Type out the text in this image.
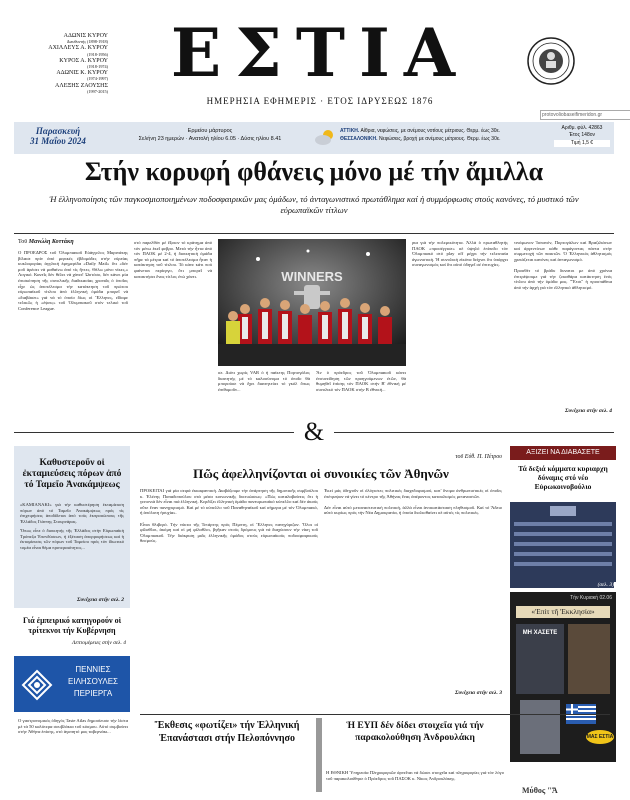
ΑΔΩΝΙΣ ΚΥΡΟΥ
Διευθυντής (1898-1918)
ΑΧΙΛΛΕΥΣ Α. ΚΥΡΟΥ
(1918-1956)
ΚΥΡΟΣ Α. ΚΥΡΟΥ
(1918-1974)
ΑΔΩΝΙΣ Κ. ΚΥΡΟΥ
(1974-1997)
ΑΛΕΞΗΣ ΖΑΟΥΣΗΣ
(1997-2015) ΕΣΤΙΑ
ΗΜΕΡΗΣΙΑ ΕΦΗΜΕΡΙΣ · ΕΤΟΣ ΙΔΡΥΣΕΩΣ 1876
protovoliobaseifimeridon.gr
Παρασκευή
31 Μαΐου 2024
Ερμείου μάρτυρος
Σελήνη 23 ημερών · Ανατολή ηλίου 6.05 · Δύσις ηλίου 8.41
ΑΤΤΙΚΗ. Αίθρια, νεφώσεις, με ανέμους νοτίους μέτριους. Θερμ. έως 30ε.
ΘΕΣΣΑΛΟΝΙΚΗ. Νεφώσεις, βροχή με ανέμους μέτριους. Θερμ. έως 30ε.
Αριθμ. φύλ. 42863
Έτος 148ον
Τιμή 1,5 €
Στήν κορυφή φθάνεις μόνο μέ τήν ἅμιλλα
Ἡ ἑλληνοποίησις τῶν παγκοσμιοποιημένων ποδοσφαιρικῶν μας ὁμάδων, τό ἀνταγωνιστικό πρωτάθλημα καί ἡ συμμόρφωσις στούς κανόνες, τό μυστικό τῶν εὐρωπαϊκῶν τίτλων
Τοῦ Μανώλη Κοττάκη
Ο ΠΡΟΕΔΡΟΣ τοῦ Ὀλυμπιακοῦ Εὐάγγελος Μαρινάκης βίλασε πρίν ἀπό μερικές ἑβδομάδες στήν εὐρείας κυκλοφορίας ἀγγλική ἐφημερίδα «Daily Mail» ὅτι «δέν μοῦ ἀρέσει νά μαθαίνω ἀπό τίς ἥττες. Θέλω μόνο νίκες,» Λογικό. Κανεῖς δέν θέλει νά χάνει! Ὡστόσο, δέν κάνει μία ἐπισκόπηση τῆς συνολικῆς διαδικασίας χρονιᾶς ὁ ὁποῖος εἶχε ὡς ἀποτέλεσμα τήν κατάκτηση τοῦ πρώτου εὐρωπαϊκοῦ τίτλου ἀπό ἑλληνική ὁμάδα μπορεῖ νά «διαβάσει» γιά νά τό ὁποίο δίως οἱ Ἕλληνες, εἴδαμε τελικῶς ἡ «ἐψεις» τοῦ Ὀλυμπιακοῦ στόν τελικό τοῦ Conference League.
στό παρελθόν μέ ἕξοιον τό κράτημα ἀπό τόν μένω ἐκεῖ φεβρο. Μετά τήν ἧττα ἀπό τόν ΠΑΟΚ μέ 2-4, ἡ διοικητική ὁμάδα πῆρε τά μέτρα καί τό ἀποτέλεσμα ἦταν ἡ κατάκτηση τοῦ τίτλου. Τό κάνε κάτι πού φαίνεται περίεργο, ὅτι μπορεῖ νά κατακτήσει ἕνας τίτλος ἐνώ χάνει.	WINNERS
σε. Διότι χωρίς VAR ὁ ἡ παίκτης Πορτογάλος διαιτητής μέ τό καλοσύνομα τό ὁποῖο θά μπορούσε νά ἔχει διαιτητεύει τό γκόλ ὅπως ἐπιθυμοῦν...
Ἄν ὁ πρόεδρος τοῦ Ὀλυμπιακοῦ κάνει ἐνσυνείδηση τῶν προηγούμενων ἐτῶν, θά θυμηθεῖ ἐπίσης τόν ΠΑΟΚ στήν Β' ἐθνική μέ συνολικό τόν ΠΑΟΚ στήν Β ἐθνική...
ρια γιά τήν πολεμικότητα. Ἀλλά ὁ πρωταθλητής ΠΑΟΚ «προσέγγισε» σέ ὑψηλό ἐπίπεδο τόν Ὀλυμπιακό στό play off μέχρι τήν τελευταία ἀγωνιστική. Ἡ συνολική εἰκόνα δείχνει ὅτι ὑπάρχει συναγωνισμός καί ὅτι αὐτό ὁδηγεῖ σέ ἐπιτυχίες.
τινόφωνον Ἰσπανόν, Πορτογάλων καί Βραζιλιάνων καί ἀργεντίνων κάθε παράγοντας πάντα στήν συμμετοχή τῶν παικτῶν. Ὁ Ἑλληνικός ἀθλητισμός χρειάζεται κανόνες καί ἀνταγωνισμό.

Προσθέτ τό βράδυ δυνατοι με ἀπό χρόνια ἐπιτρέψουμε γιά τήν ζεκαθάρα κατάκτηση ἑνός τίτλου ἀπό τήν ὁμάδα μας. "Ἕτσι" ἡ προσπάθεια ἀπό τήν ἀρχή γιά τόν ἑλληνικό ἀθλητισμό.
Συνέχεια στήν σελ. 4
&
Καθυστεροῦν οἱ ἐκταμιεύσεις πόρων ἀπό τό Ταμεῖο Ἀνακάμψεως
«ΚΑΜΙΑΝΑΚΙ» γιά τήν καθυστέρηση ἐκταμίευση πόρων ἀπό τό Ταμεῖο Ἀνακάμψεως πρός τίς ἐπιχειρήσεις ἀποδίδεται ἀπό τούς ἐκπροσώπους τῆς Ἑλλάδος Γιάννης Στουρνάρας.
Ὅπως εἶπε ὁ διοικητής τῆς Ἑλλάδος στήν Εὐρωπαϊκή Τράπεζα Ἐπενδύσεων, ἡ ἐξέταση ἀπορροφήσεως καί ἡ ἐκταμίευσις τῶν πόρων τοῦ Ταμείου πρός τόν ἰδιωτικό τομέα εἶναι θέμα προτεραιότητος...
Συνέχεια στήν σελ. 2
Γιά ἐμπειρικό κατηγορούν οἱ τρίτεκνοι τήν Κυβέρνηση
Λεπτομέρειες στήν σελ. 4
ΠΕΝΝΙΕΣ
ΕΙΛΗΣΟΥΛΕΣ
ΠΕΡΙΕΡΓΑ
Ο γαστρονομικός ὁδηγός Taste Atlas δημοσίευσε τήν λίστα μέ τά 50 καλύτερα σουβλάκια τοῦ κόσμου. Αὐτό συμβαίνει στήν Ἀθήνα ἐπίσης, στό ἀγαπητό μας ταβερνάκι...
τοῦ Εὐθ. Π. Πέτρου
Πῶς ἀφελληνίζονται οἱ συνοικίες τῶν Ἀθηνῶν
ΠΡΟΚΕΙΤΑΙ γιά μία σειρά ἐκκαφαντική. Διαβάζουμε τήν ἀνάρτηση τῆς δημοτικῆς συμβούλου κ. Ἐλένης Παπαδοπούλου στά μέσα κοινωνικῆς δικτυώσεως: «Πώς καταλαβαίνεις ὅτι ἡ γειτονιά δέν εἶναι πιά ἑλληνική. Κερδίζει ἑλληνική ὁμάδα πανευρωπαϊκό κύπελλο καί δέν ἀκούς οὔτε ἕναν πανηγυρισμό. Καί μέ τό κύπελλο τοῦ Παναθηναϊκοῦ καί σήμερα μέ τόν Ὀλυμπιακό, ἡ ἀπόλυτη ἡσυχία».

Εἶναι θλιβερό. Τήν νύκτα τῆς Τετάρτης πρός Πέμπτη, οἱ Ἕλληνες πανηγύριζαν. Ὅλοι οἱ φίλαθλοι, ἀκόμη καί οἱ μή φίλαθλοι, βγῆκαν στούς δρόμους γιά νά διαχύσουν τήν νίκη τοῦ Ὀλυμπιακοῦ. Τήν διάκριση μιᾶς ἑλληνικῆς ὁμάδος στούς εὐρωπαϊκούς ποδοσφαιρικούς θεσμούς.
Ἐκεί μάς ὁδηγοῦν οἱ ὁλόγιστες πολιτικές διαχεδοφισμού, κατ' ὄνομα ἀνθρωπιστικές οἱ ὁποῖες ἐπέτρεψαν νά γίνει τό κέντρο τῆς Ἀθήνας ἕνας ἀπέραντος καταυλισμός μεταναστῶν.

Δέν εἶναι αὐτό μεταναστευτική πολιτική, ἀλλά εἶναι ἀντικατάσταση πληθυσμοῦ. Καί τό Ἄδειο αὐτό κυρίως πρός τήν Νέα Δημοκρατία, ἡ ὁποία διολισθαίνει σέ αὐτές τίς πολιτικές.
Συνέχεια στήν σελ. 3
ΑΞΙΖΕΙ ΝΑ ΔΙΑΒΑΣΕΤΕ
Τά δεξιά κόμματα κυριαρχη δύναμις στό νέο Εὐρωκοινοβούλιο
(σελ. 3)
Τήν Κυριακή 02.06
«Ἐπίτ τῆ Ἐκκλησία»
ΜΗ ΧΑΣΕΤΕ
ΜΑΣ ΕΣΤΙΑ
Ἔκθεσις «φωτίζει» τήν Ἑλληνική Ἐπανάστασι στήν Πελοπόννησο
Ἡ ΕΥΠ δέν δίδει στοιχεῖα γιά τήν παρακολούθηση Ἀνδρουλάκη
Η ΕΘΝΙΚΗ Ὑπηρεσία Πληροφοριῶν ἀρνεῖται νά δώσει στοιχεῖα καί πληροφορίες γιά τόν λόγο τοῦ παρακολούθησε ὁ Πρόεδρος τοῦ ΠΑΣΟΚ κ. Νίκος Ἀνδρουλάκης.
Μύθος "Ἄ
